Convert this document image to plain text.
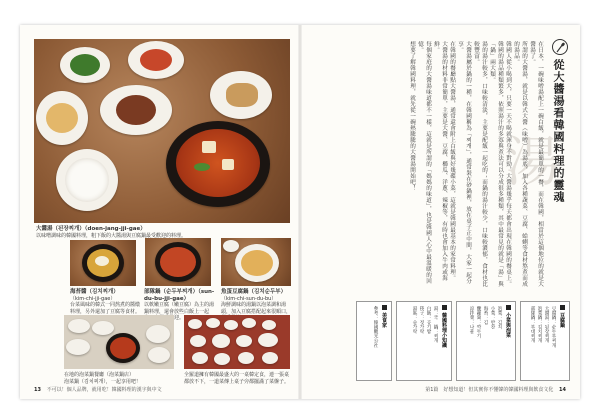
大醬湯（된장찌개）（doen-jang-jji-gae）
以味噌調味的韓國料理，粗下飯的大醬湯與豆腐鍋最受歡迎的料理。
海苔醬（김치찌개）
（kim-chi-jji-gae）
台菜風味的韓式一同熬煮的醬燉料理，另外還加了豆腐等食材。
部隊鍋（순두부찌개）（sun-du-bu-jji-gae）
以軟嫩豆腐（嫩豆腐）為主的湯鍋料理，還會放些白飯上一起 歡迎。
魚蛋豆腐鍋（김치순두부）
（kim-chi-sun-du-bu）
海鮮調味的湯鍋以泡菜調和湯頭，加入豆腐搭配起來很順口，
在地的泡菜鍋餐廳（泡菜鍋店）
泡菜鍋（김치찌개），一起享用吧！
全羅道擁有韓國最盛大的一桌韓定食，連一張桌都放不下，一道菜傳上桌子旁都擺滿了菜盤子。
13 不可以！個人品牌，就用吃！韓國料理的漢字與中文
湯
從大醬湯看韓國料理的靈魂

在日本，一碗味噌湯配上一碗白飯，就是最簡單的一餐，而在韓國，相當於這個地位的就是大醬湯了。

所謂的大醬湯，就是以韓式大醬（味噌）為湯底，加入各種蔬菜、豆腐、蛤蜊等食材熬煮而成的湯品。

韓國人從小喝到大，只要一天不喝就渾身不對勁，大醬湯幾乎每天都會出現在韓國的餐桌上。

韓國的湯品種類繁多，依照湯汁的多寡與煮法可以分成很多種類，其中最常見的就是「湯」與「鍋」兩大類。

湯的湯汁較多，口味較清淡，主要是配飯一起吃的；而鍋的湯汁較少，口味較濃郁，食材也比較豐富。

大醬湯屬於鍋的一種，在韓國稱為「찌개」，通常裝在砂鍋裡，放在桌子正中間，大家一起分享。

在韓國的餐廳點大醬湯，通常還會附上白飯與好幾碟小菜，這就是韓國最基本的家常料理。

大醬湯的材料非常簡單，主要是大醬、豆腐、櫛瓜、洋蔥、辣椒等，有時也會加入牛肉或海鮮。

每個家庭的大醬湯味道都不一樣，這就是所謂的「媽媽的味道」，也是韓國人心中最溫暖的回憶。

想要了解韓國料理，就先從一碗熱騰騰的大醬湯開始吧！

豆腐鍋

豆腐鍋：순두부찌개

大醬湯：된장찌개

泡菜鍋：김치찌개

部隊鍋：부대찌개

小菜與泡菜

泡菜：김치

小菜：반찬

海苔：김

醃蘿蔔：깍두기

涼拌菜：나물

韓國料理小知識

湯：국　鍋：찌개

白飯：공기밥

筷子：젓가락

湯匙：숟가락

美食家

參考：韓國觀光公社

第1篇　好想知道！但其實你不懂韓的韓國料理與飲食文化 14
